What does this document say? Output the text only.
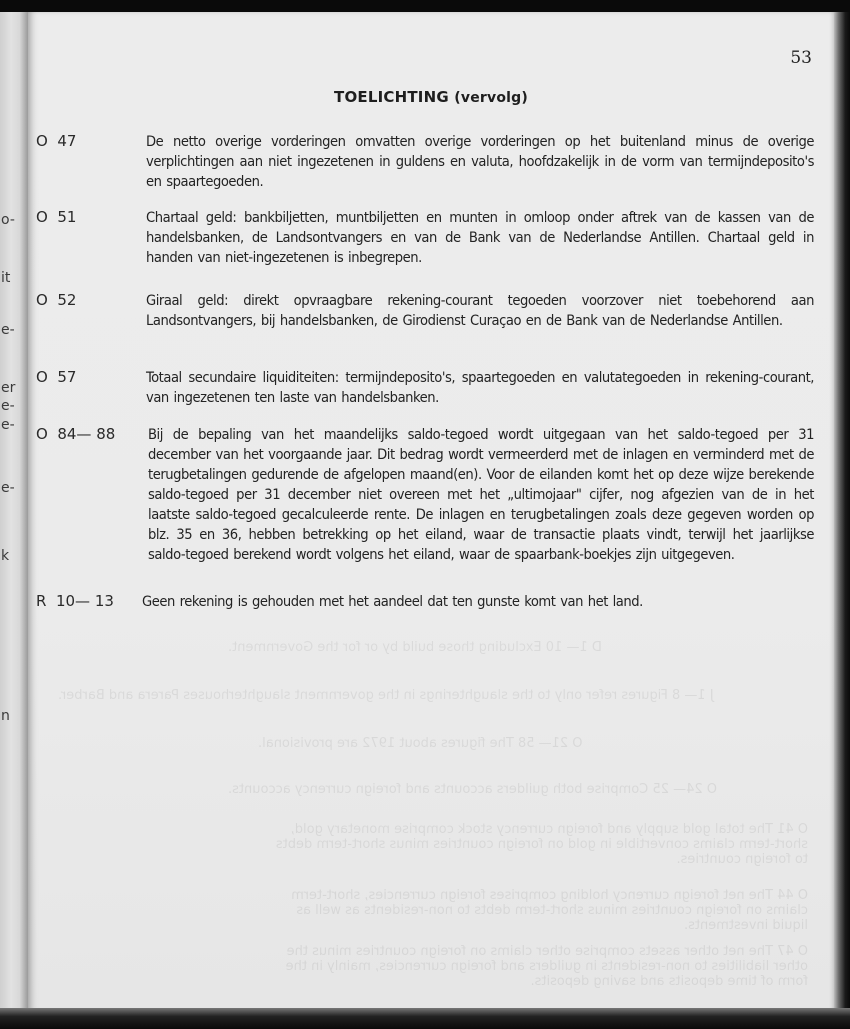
o-
it
e-
er
e-
e-
e-
k
n
53
TOELICHTING (vervolg)
D 1— 10 Excluding those build by or for the Government.
J 1— 8 Figures refer only to the slaughterings in the government slaughterhouses Parera and Barber.
O 21— 58 The figures about 1972 are provisional.
O 24— 25 Comprise both guilders accounts and foreign currency accounts.
O  47	De netto overige vorderingen omvatten overige vorderingen op het buitenland minus de overige verplichtingen aan niet ingezetenen in guldens en valuta, hoofdzakelijk in de vorm van termijndeposito's en spaartegoeden.
O  51	Chartaal geld: bankbiljetten, muntbiljetten en munten in omloop onder aftrek van de kassen van de handelsbanken, de Landsontvangers en van de Bank van de Nederlandse Antillen. Chartaal geld in handen van niet-ingezetenen is inbegrepen.
O  52	Giraal geld: direkt opvraagbare rekening-courant tegoeden voorzover niet toebehorend aan Landsontvangers, bij handelsbanken, de Girodienst Curaçao en de Bank van de Nederlandse Antillen.
O  57	Totaal secundaire liquiditeiten: termijndeposito's, spaartegoeden en valutategoeden in rekening-courant, van ingezetenen ten laste van handelsbanken.
O  84— 88 Bij de bepaling van het maandelijks saldo-tegoed wordt uitgegaan van het saldo-tegoed per 31 december van het voorgaande jaar. Dit bedrag wordt vermeerderd met de inlagen en verminderd met de terugbetalingen gedurende de afgelopen maand(en). Voor de eilanden komt het op deze wijze berekende saldo-tegoed per 31 december niet overeen met het „ultimojaar" cijfer, nog afgezien van de in het laatste saldo-tegoed gecalculeerde rente. De inlagen en terugbetalingen zoals deze gegeven worden op blz. 35 en 36, hebben betrekking op het eiland, waar de transactie plaats vindt, terwijl het jaarlijkse saldo-tegoed berekend wordt volgens het eiland, waar de spaarbank-boekjes zijn uitgegeven.
R  10— 13 Geen rekening is gehouden met het aandeel dat ten gunste komt van het land.
O 41 The total gold supply and foreign currency stock comprise monetary gold, short-term claims convertible in gold on foreign countries minus short-term debts to foreign countries.
O 44 The net foreign currency holding comprises foreign currencies, short-term claims on foreign countries minus short-term debts to non-residents as well as liquid investments.
O 47 The net other assets comprise other claims on foreign countries minus the other liabilities to non-residents in guilders and foreign currencies, mainly in the form of time deposits and saving deposits.
